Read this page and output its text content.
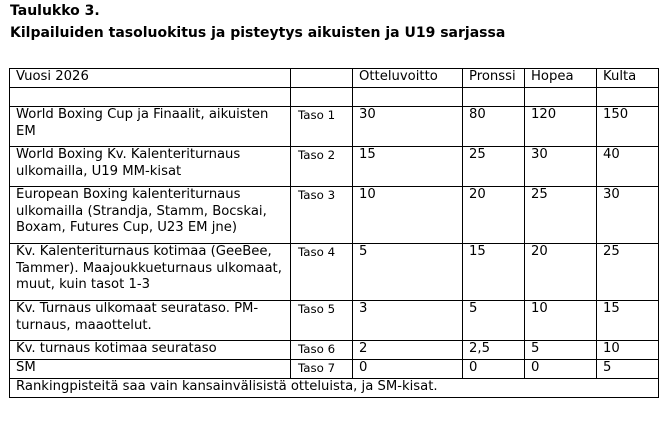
Taulukko 3.
Kilpailuiden tasoluokitus ja pisteytys aikuisten ja U19 sarjassa
Vuosi 2026		Otteluvoitto	Pronssi	Hopea	Kulta

World Boxing Cup ja Finaalit, aikuisten EM	Taso 1	30	80	120	150
World Boxing Kv. Kalenteriturnaus ulkomailla, U19 MM-kisat	Taso 2	15	25	30	40
European Boxing kalenteriturnaus ulkomailla (Strandja, Stamm, Bocskai, Boxam, Futures Cup, U23 EM jne)	Taso 3	10	20	25	30
Kv. Kalenteriturnaus kotimaa (GeeBee, Tammer). Maajoukkueturnaus ulkomaat, muut, kuin tasot 1-3	Taso 4	5	15	20	25
Kv. Turnaus ulkomaat seurataso. PM-turnaus, maaottelut.	Taso 5	3	5	10	15
Kv. turnaus kotimaa seurataso	Taso 6	2	2,5	5	10
SM	Taso 7	0	0	0	5
Rankingpisteitä saa vain kansainvälisistä otteluista, ja SM-kisat.					
